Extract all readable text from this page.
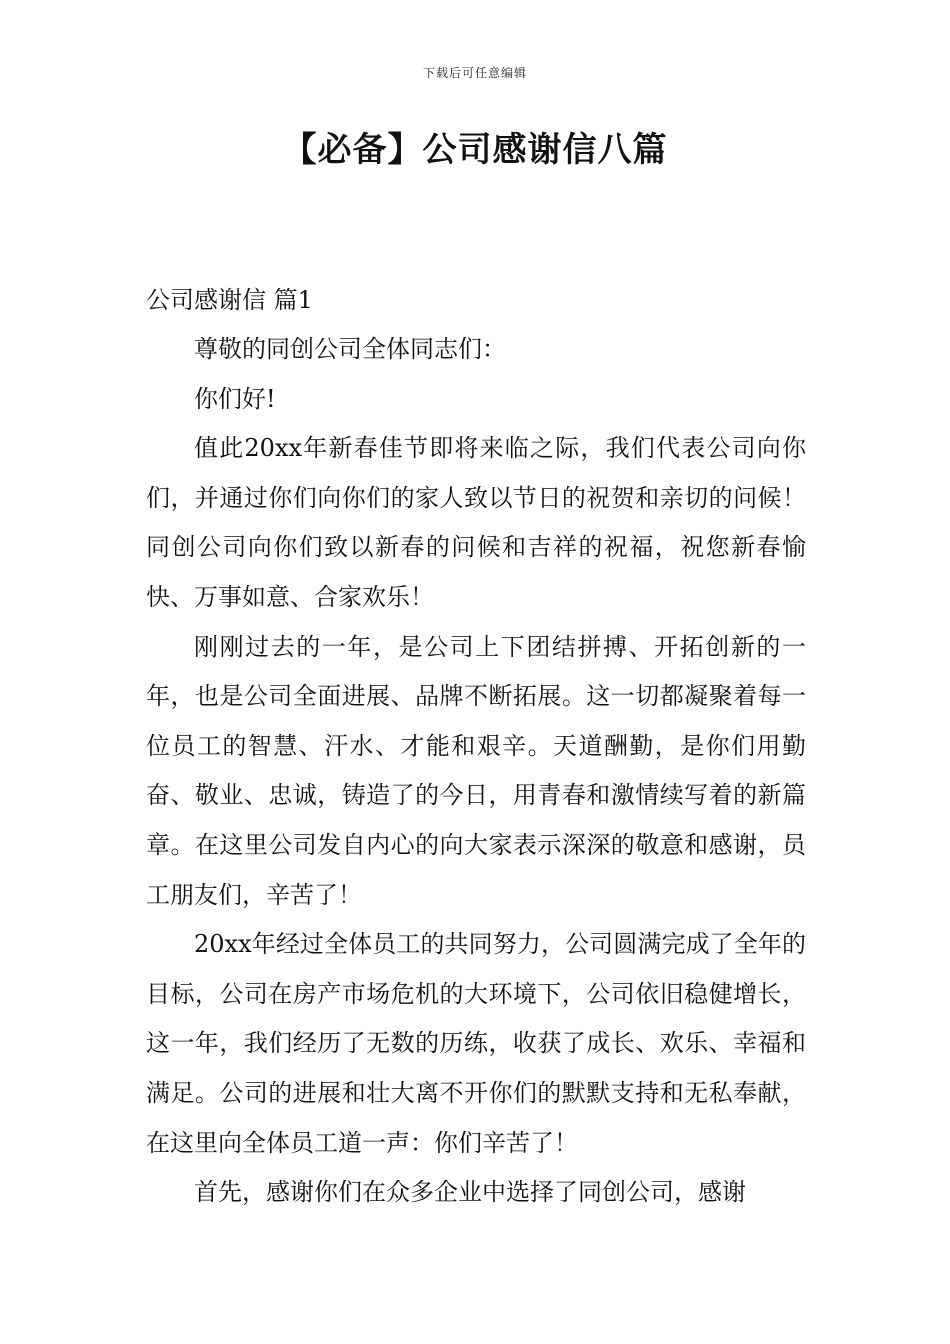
下载后可任意编辑
【必备】公司感谢信八篇
公司感谢信 篇1

尊敬的同创公司全体同志们：

你们好!

值此20xx年新春佳节即将来临之际，我们代表公司向你们，并通过你们向你们的家人致以节日的祝贺和亲切的问候！同创公司向你们致以新春的问候和吉祥的祝福，祝您新春愉快、万事如意、合家欢乐！

刚刚过去的一年，是公司上下团结拼搏、开拓创新的一年，也是公司全面进展、品牌不断拓展。这一切都凝聚着每一位员工的智慧、汗水、才能和艰辛。天道酬勤，是你们用勤奋、敬业、忠诚，铸造了的今日，用青春和激情续写着的新篇章。在这里公司发自内心的向大家表示深深的敬意和感谢，员工朋友们，辛苦了！

20xx年经过全体员工的共同努力，公司圆满完成了全年的目标，公司在房产市场危机的大环境下，公司依旧稳健增长，这一年，我们经历了无数的历练，收获了成长、欢乐、幸福和满足。公司的进展和壮大离不开你们的默默支持和无私奉献，在这里向全体员工道一声：你们辛苦了！

首先，感谢你们在众多企业中选择了同创公司，感谢
